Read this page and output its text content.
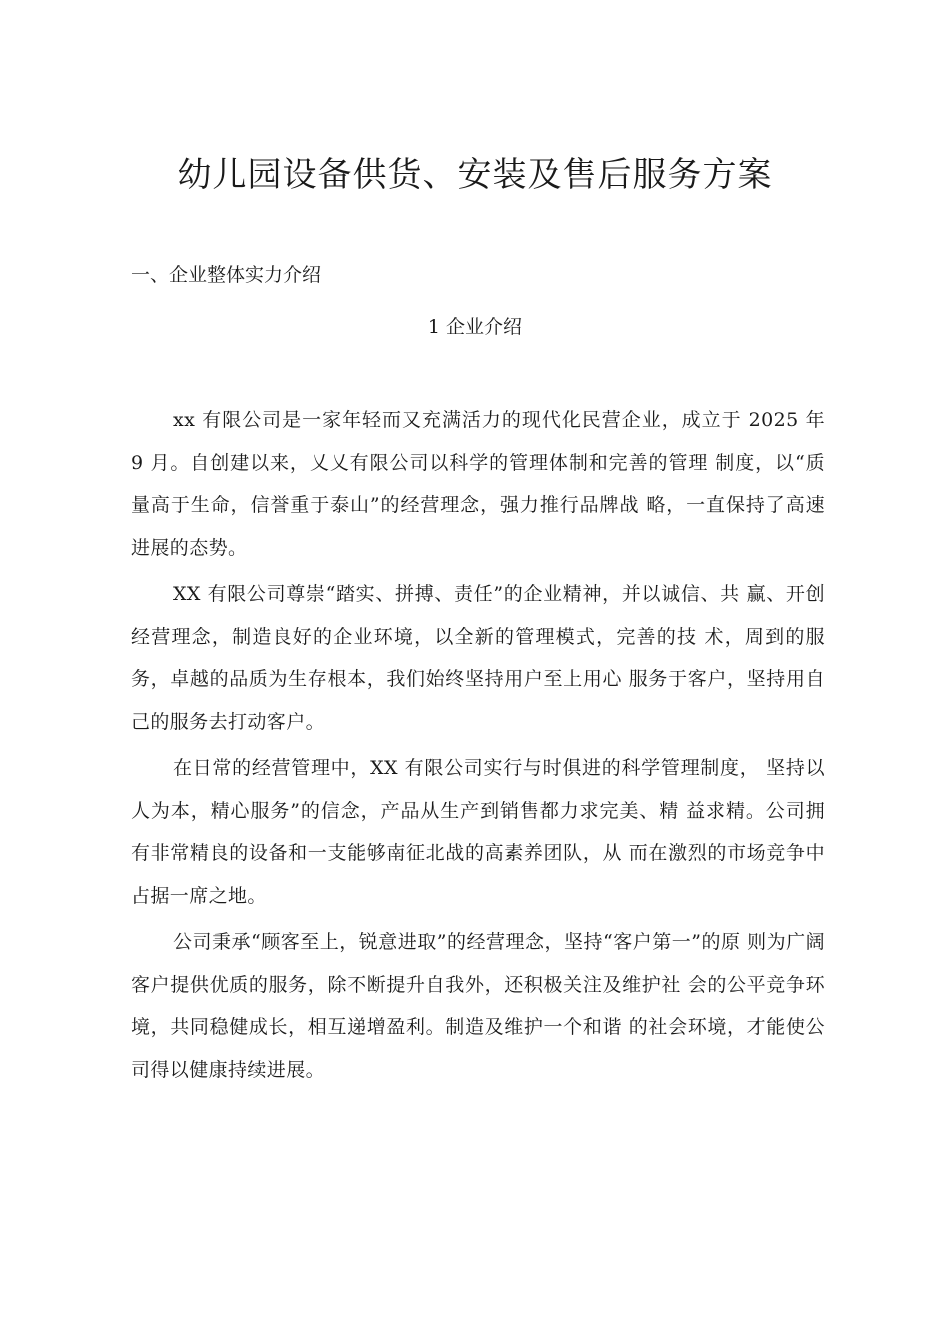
幼儿园设备供货、安装及售后服务方案
一、企业整体实力介绍
1 企业介绍

xx 有限公司是一家年轻而又充满活力的现代化民营企业，成立于 2025 年 9 月。自创建以来，乂乂有限公司以科学的管理体制和完善的管理 制度，以“质量高于生命，信誉重于泰山”的经营理念，强力推行品牌战 略，一直保持了高速进展的态势。

XX 有限公司尊崇“踏实、拼搏、责任”的企业精神，并以诚信、共 赢、开创经营理念，制造良好的企业环境，以全新的管理模式，完善的技 术，周到的服务，卓越的品质为生存根本，我们始终坚持用户至上用心 服务于客户，坚持用自己的服务去打动客户。

在日常的经营管理中，XX 有限公司实行与时俱进的科学管理制度， 坚持以人为本，精心服务”的信念，产品从生产到销售都力求完美、精 益求精。公司拥有非常精良的设备和一支能够南征北战的高素养团队，从 而在激烈的市场竞争中占据一席之地。

公司秉承“顾客至上，锐意进取”的经营理念，坚持“客户第一”的原 则为广阔客户提供优质的服务，除不断提升自我外，还积极关注及维护社 会的公平竞争环境，共同稳健成长，相互递增盈利。制造及维护一个和谐 的社会环境，才能使公司得以健康持续进展。
